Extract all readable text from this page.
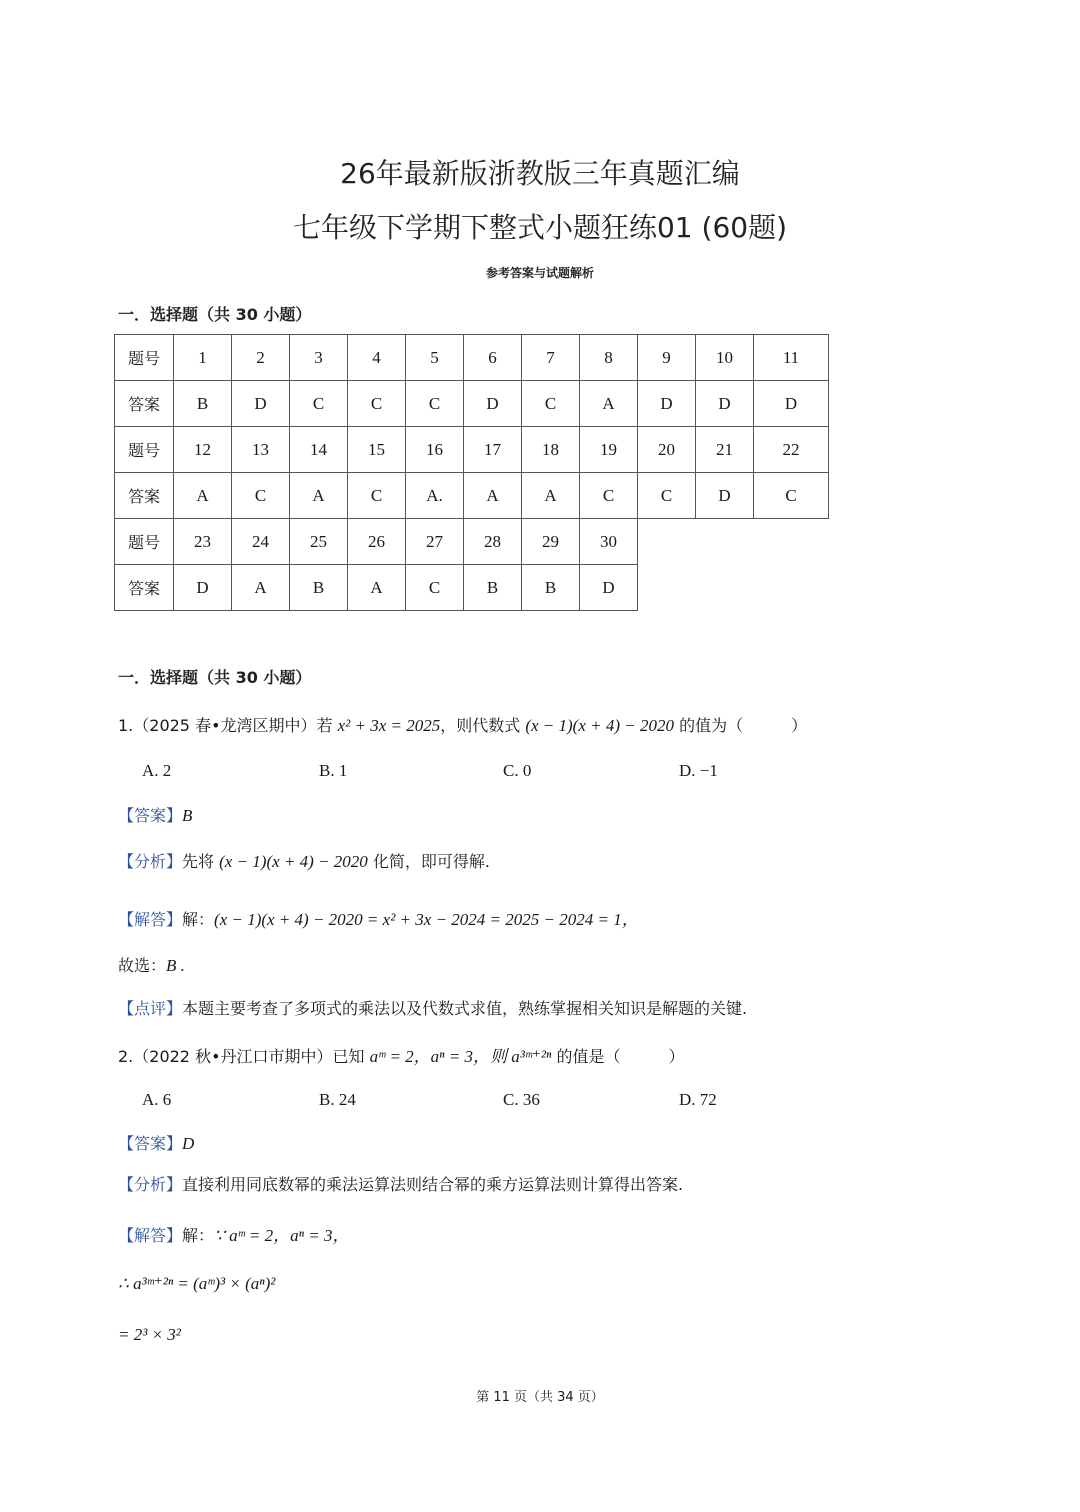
26年最新版浙教版三年真题汇编
七年级下学期下整式小题狂练01 (60题)
参考答案与试题解析
一．选择题（共 30 小题）
题号	1	2	3	4	5	6	7	8	9	10	11
答案	B	D	C	C	C	D	C	A	D	D	D
题号	12	13	14	15	16	17	18	19	20	21	22
答案	A	C	A	C	A.	A	A	C	C	D	C
题号	23	24	25	26	27	28	29	30			
答案	D	A	B	A	C	B	B	D			
一．选择题（共 30 小题）
1.（2025 春•龙湾区期中）若 x² + 3x = 2025，则代数式 (x − 1)(x + 4) − 2020 的值为（　　　）
A. 2	B. 1	C. 0	D. −1
【答案】B
【分析】先将 (x − 1)(x + 4) − 2020 化简，即可得解.
【解答】解：(x − 1)(x + 4) − 2020 = x² + 3x − 2024 = 2025 − 2024 = 1，
故选：B .
【点评】本题主要考查了多项式的乘法以及代数式求值，熟练掌握相关知识是解题的关键.
2.（2022 秋•丹江口市期中）已知 aᵐ = 2，aⁿ = 3，则 a³ᵐ⁺²ⁿ 的值是（　　　）
A. 6	B. 24	C. 36	D. 72
【答案】D
【分析】直接利用同底数幂的乘法运算法则结合幂的乘方运算法则计算得出答案.
【解答】解：∵ aᵐ = 2，aⁿ = 3，
∴ a³ᵐ⁺²ⁿ = (aᵐ)³ × (aⁿ)²
= 2³ × 3²
第 11 页（共 34 页）
